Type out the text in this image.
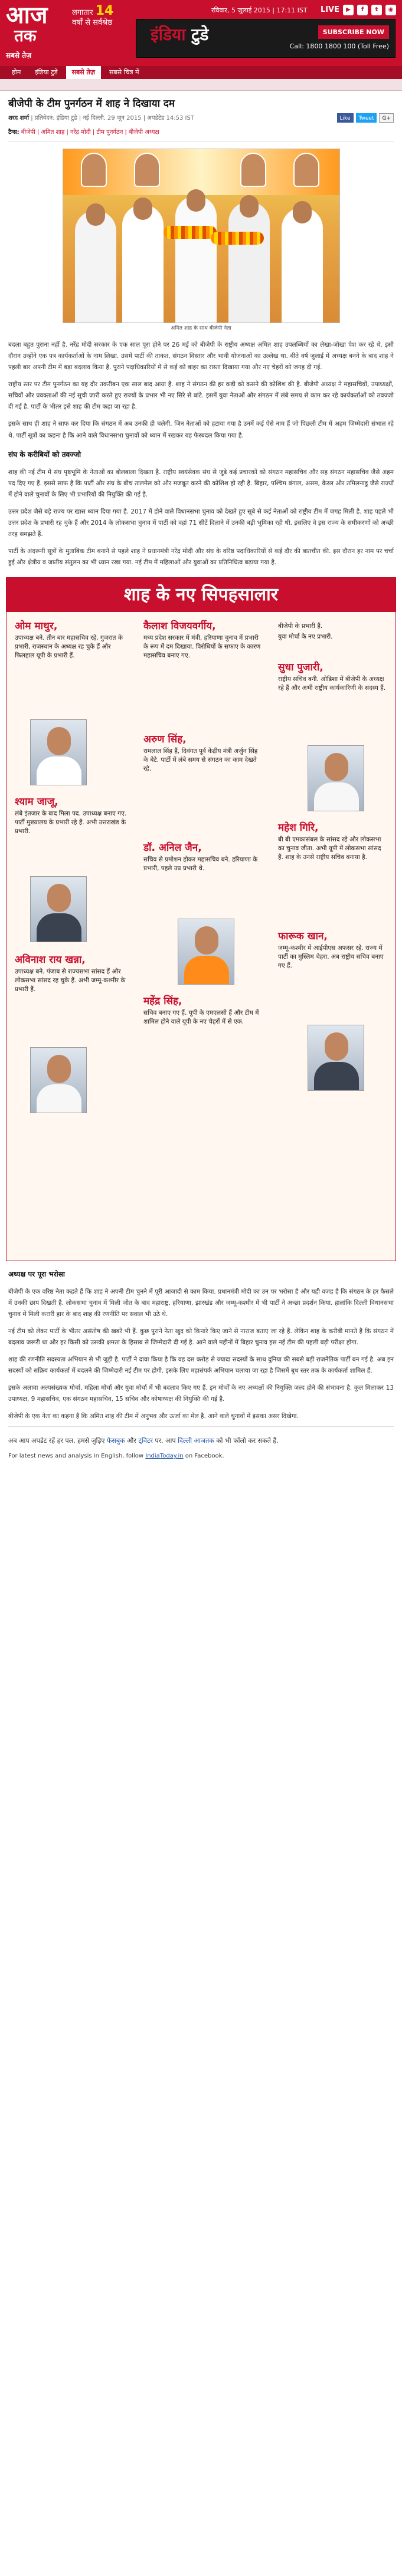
आज
तक
लगातार 14
वर्षों से सर्वश्रेष्ठ
सबसे तेज़
रविवार, 5 जुलाई 2015 | 17:11 IST LIVE	▶	f	t	◉
इंडिया टुडे	SUBSCRIBE NOW
Call: 1800 1800 100 (Toll Free)
होम	इंडिया टुडे	सबसे तेज़	सबसे चित्र में
बीजेपी के टीम पुनर्गठन में शाह ने दिखाया दम
Like	Tweet	G+
शरद शर्मा | प्रतिवेदन: इंडिया टुडे | नई दिल्ली, 29 जून 2015 | अपडेटेड 14:53 IST
टैग्स: बीजेपी | अमित शाह | नरेंद्र मोदी | टीम पुनर्गठन | बीजेपी अध्यक्ष
अमित शाह के साथ बीजेपी नेता

बदला बहुत पुराना नहीं है. नरेंद्र मोदी सरकार के एक साल पूरा होने पर 26 मई को बीजेपी के राष्ट्रीय अध्यक्ष अमित शाह उपलब्धियों का लेखा-जोखा पेश कर रहे थे. इसी दौरान उन्होंने एक पत्र कार्यकर्ताओं के नाम लिखा. उसमें पार्टी की ताकत, संगठन विस्तार और भावी योजनाओं का उल्लेख था. बीते वर्ष जुलाई में अध्यक्ष बनने के बाद शाह ने पहली बार अपनी टीम में बड़ा बदलाव किया है. पुराने पदाधिकारियों में से कई को बाहर का रास्ता दिखाया गया और नए चेहरों को जगह दी गई.

राष्ट्रीय स्तर पर टीम पुनर्गठन का यह दौर तकरीबन एक साल बाद आया है. शाह ने संगठन की हर कड़ी को कसने की कोशिश की है. बीजेपी अध्यक्ष ने महासचिवों, उपाध्यक्षों, सचिवों और प्रवक्ताओं की नई सूची जारी करते हुए राज्यों के प्रभार भी नए सिरे से बांटे. इसमें युवा नेताओं और संगठन में लंबे समय से काम कर रहे कार्यकर्ताओं को तवज्जो दी गई है. पार्टी के भीतर इसे शाह की टीम कहा जा रहा है.

इसके साथ ही शाह ने साफ कर दिया कि संगठन में अब उनकी ही चलेगी. जिन नेताओं को हटाया गया है उनमें कई ऐसे नाम हैं जो पिछली टीम में अहम जिम्मेदारी संभाल रहे थे. पार्टी सूत्रों का कहना है कि आने वाले विधानसभा चुनावों को ध्यान में रखकर यह फेरबदल किया गया है.

संघ के करीबियों को तवज्जो

शाह की नई टीम में संघ पृष्ठभूमि के नेताओं का बोलबाला दिखता है. राष्ट्रीय स्वयंसेवक संघ से जुड़े कई प्रचारकों को संगठन महासचिव और सह संगठन महासचिव जैसे अहम पद दिए गए हैं. इससे साफ है कि पार्टी और संघ के बीच तालमेल को और मजबूत करने की कोशिश हो रही है. बिहार, पश्चिम बंगाल, असम, केरल और तमिलनाडु जैसे राज्यों में होने वाले चुनावों के लिए भी प्रभारियों की नियुक्ति की गई है.

उत्तर प्रदेश जैसे बड़े राज्य पर खास ध्यान दिया गया है. 2017 में होने वाले विधानसभा चुनाव को देखते हुए सूबे से कई नेताओं को राष्ट्रीय टीम में जगह मिली है. शाह पहले भी उत्तर प्रदेश के प्रभारी रह चुके हैं और 2014 के लोकसभा चुनाव में पार्टी को वहां 71 सीटें दिलाने में उनकी बड़ी भूमिका रही थी. इसलिए वे इस राज्य के समीकरणों को अच्छी तरह समझते हैं.

पार्टी के अंदरूनी सूत्रों के मुताबिक टीम बनाने से पहले शाह ने प्रधानमंत्री नरेंद्र मोदी और संघ के वरिष्ठ पदाधिकारियों से कई दौर की बातचीत की. इस दौरान हर नाम पर चर्चा हुई और क्षेत्रीय व जातीय संतुलन का भी ध्यान रखा गया. नई टीम में महिलाओं और युवाओं का प्रतिनिधित्व बढ़ाया गया है.

शाह के नए सिपहसालार
ओम माथुर,
उपाध्यक्ष बने. तीन बार महासचिव रहे, गुजरात के प्रभारी, राजस्थान के अध्यक्ष रह चुके हैं और फिलहाल यूपी के प्रभारी हैं.
श्याम जाजू,
लंबे इंतजार के बाद मिला पद. उपाध्यक्ष बनाए गए. पार्टी मुख्यालय के प्रभारी रहे हैं. अभी उत्तराखंड के प्रभारी.
अविनाश राय खन्ना,
उपाध्यक्ष बने. पंजाब से राज्यसभा सांसद हैं और लोकसभा सांसद रह चुके हैं. अभी जम्मू-कश्मीर के प्रभारी हैं.
कैलाश विजयवर्गीय,
मध्य प्रदेश सरकार में मंत्री, हरियाणा चुनाव में प्रभारी के रूप में दम दिखाया. विरोधियों के सफाए के कारण महासचिव बनाए गए.
अरुण सिंह,
रामलाल सिंह हैं, दिवंगत पूर्व केंद्रीय मंत्री अर्जुन सिंह के बेटे. पार्टी में लंबे समय से संगठन का काम देखते रहे.
डॉ. अनिल जैन,
सचिव से प्रमोशन होकर महासचिव बने. हरियाणा के प्रभारी, पहले उप्र प्रभारी थे.
महेंद्र सिंह,
सचिव बनाए गए हैं. यूपी के एमएलसी हैं और टीम में शामिल होने वाले यूपी के नए चेहरों में से एक.
बीजेपी के प्रभारी हैं.
युवा मोर्चा के नए प्रभारी.
सुधा पुजारी,
राष्ट्रीय सचिव बनी. ओडिशा में बीजेपी के अध्यक्ष रहे हैं और अभी राष्ट्रीय कार्यकारिणी के सदस्य हैं.
महेश गिरि,
बी बी एमकासंबल के सांसद रहे और लोकसभा का चुनाव जीता. अभी यूपी में लोकसभा सांसद हैं. शाह के उनसे राष्ट्रीय सचिव बनाया है.
फारूक खान,
जम्मू-कश्मीर में आईपीएस अफसर रहे. राज्य में पार्टी का मुस्लिम चेहरा. अब राष्ट्रीय सचिव बनाए गए हैं.
अध्यक्ष पर पूरा भरोसा

बीजेपी के एक वरिष्ठ नेता कहते हैं कि शाह ने अपनी टीम चुनने में पूरी आजादी से काम किया. प्रधानमंत्री मोदी का उन पर भरोसा है और यही वजह है कि संगठन के हर फैसले में उनकी छाप दिखती है. लोकसभा चुनाव में मिली जीत के बाद महाराष्ट्र, हरियाणा, झारखंड और जम्मू-कश्मीर में भी पार्टी ने अच्छा प्रदर्शन किया. हालांकि दिल्ली विधानसभा चुनाव में मिली करारी हार के बाद शाह की रणनीति पर सवाल भी उठे थे.

नई टीम को लेकर पार्टी के भीतर असंतोष की खबरें भी हैं. कुछ पुराने नेता खुद को किनारे किए जाने से नाराज बताए जा रहे हैं. लेकिन शाह के करीबी मानते हैं कि संगठन में बदलाव जरूरी था और हर किसी को उसकी क्षमता के हिसाब से जिम्मेदारी दी गई है. आने वाले महीनों में बिहार चुनाव इस नई टीम की पहली बड़ी परीक्षा होगा.

शाह की रणनीति सदस्यता अभियान से भी जुड़ी है. पार्टी ने दावा किया है कि वह दस करोड़ से ज्यादा सदस्यों के साथ दुनिया की सबसे बड़ी राजनैतिक पार्टी बन गई है. अब इन सदस्यों को सक्रिय कार्यकर्ता में बदलने की जिम्मेदारी नई टीम पर होगी. इसके लिए महासंपर्क अभियान चलाया जा रहा है जिसमें बूथ स्तर तक के कार्यकर्ता शामिल हैं.

इसके अलावा अल्पसंख्यक मोर्चा, महिला मोर्चा और युवा मोर्चा में भी बदलाव किए गए हैं. इन मोर्चों के नए अध्यक्षों की नियुक्ति जल्द होने की संभावना है. कुल मिलाकर 13 उपाध्यक्ष, 9 महासचिव, एक संगठन महासचिव, 15 सचिव और कोषाध्यक्ष की नियुक्ति की गई है.

बीजेपी के एक नेता का कहना है कि अमित शाह की टीम में अनुभव और ऊर्जा का मेल है. आने वाले चुनावों में इसका असर दिखेगा.

अब आप अपडेट रहें हर पल, हमसे जुड़िए फेसबुक और ट्विटर पर. आप दिल्ली आजतक को भी फॉलो कर सकते हैं.
For latest news and analysis in English, follow IndiaToday.in on Facebook.
